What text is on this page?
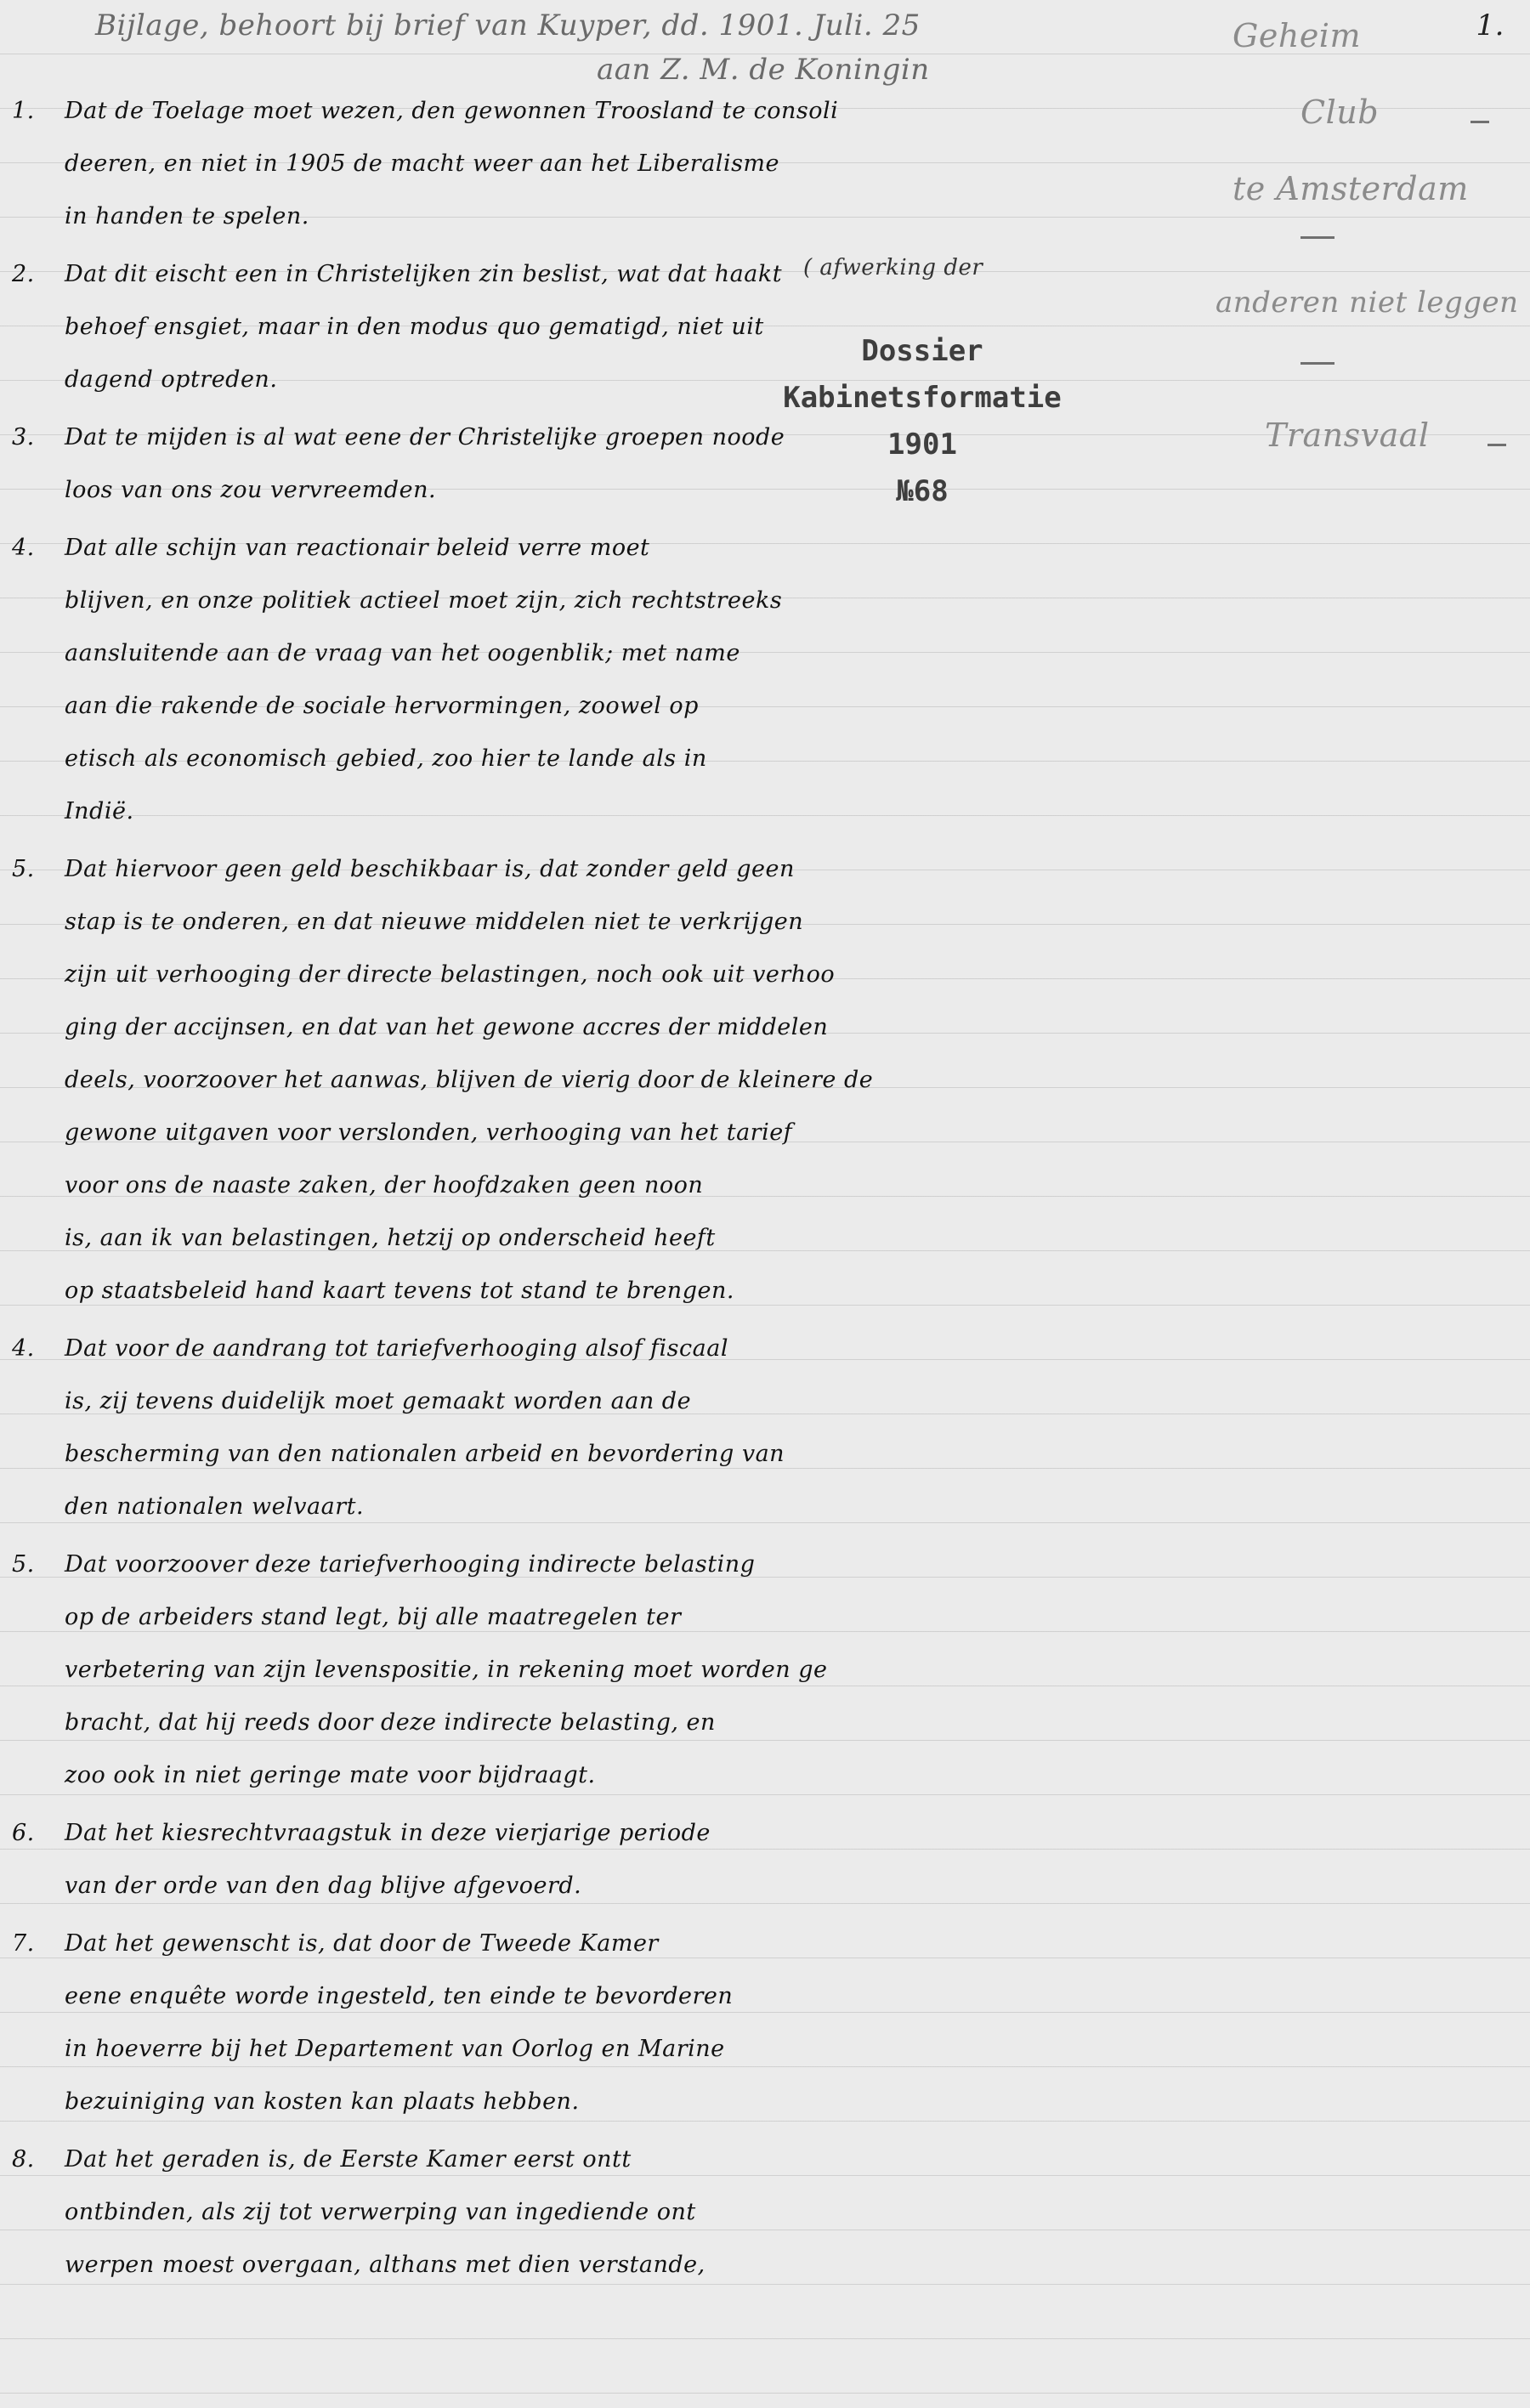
Bijlage, behoort bij brief van Kuyper, dd. 1901. Juli. 25
aan Z. M. de Koningin
1.
1.	Dat de Toelage moet wezen, den gewonnen Troosland te consoli
deeren, en niet in 1905 de macht weer aan het Liberalisme
in handen te spelen.
2.	Dat dit eischt een in Christelijken zin beslist, wat dat haakt
behoef ensgiet, maar in den modus quo gematigd, niet uit
dagend optreden.
3.	Dat te mijden is al wat eene der Christelijke groepen noode
loos van ons zou vervreemden.
4.	Dat alle schijn van reactionair beleid verre moet
blijven, en onze politiek actieel moet zijn, zich rechtstreeks
aansluitende aan de vraag van het oogenblik; met name
aan die rakende de sociale hervormingen, zoowel op
etisch als economisch gebied, zoo hier te lande als in
Indië.
5.	Dat hiervoor geen geld beschikbaar is, dat zonder geld geen
stap is te onderen, en dat nieuwe middelen niet te verkrijgen
zijn uit verhooging der directe belastingen, noch ook uit verhoo
ging der accijnsen, en dat van het gewone accres der middelen
deels, voorzoover het aanwas, blijven de vierig door de kleinere de
gewone uitgaven voor verslonden, verhooging van het tarief
voor ons de naaste zaken, der hoofdzaken geen noon
is, aan ik van belastingen, hetzij op onderscheid heeft
op staatsbeleid hand kaart tevens tot stand te brengen.
4.	Dat voor de aandrang tot tariefverhooging alsof fiscaal
is, zij tevens duidelijk moet gemaakt worden aan de
bescherming van den nationalen arbeid en bevordering van
den nationalen welvaart.
5.	Dat voorzoover deze tariefverhooging indirecte belasting
op de arbeiders stand legt, bij alle maatregelen ter
verbetering van zijn levenspositie, in rekening moet worden ge
bracht, dat hij reeds door deze indirecte belasting, en
zoo ook in niet geringe mate voor bijdraagt.
6.	Dat het kiesrechtvraagstuk in deze vierjarige periode
van der orde van den dag blijve afgevoerd.
7.	Dat het gewenscht is, dat door de Tweede Kamer
eene enquête worde ingesteld, ten einde te bevorderen
in hoeverre bij het Departement van Oorlog en Marine
bezuiniging van kosten kan plaats hebben.
8.	Dat het geraden is, de Eerste Kamer eerst ontt
ontbinden, als zij tot verwerping van ingediende ont
werpen moest overgaan, althans met dien verstande,
( afwerking der
Dossier
Kabinetsformatie
1901
№68
Geheim
Club
te Amsterdam
anderen niet leggen
Transvaal
